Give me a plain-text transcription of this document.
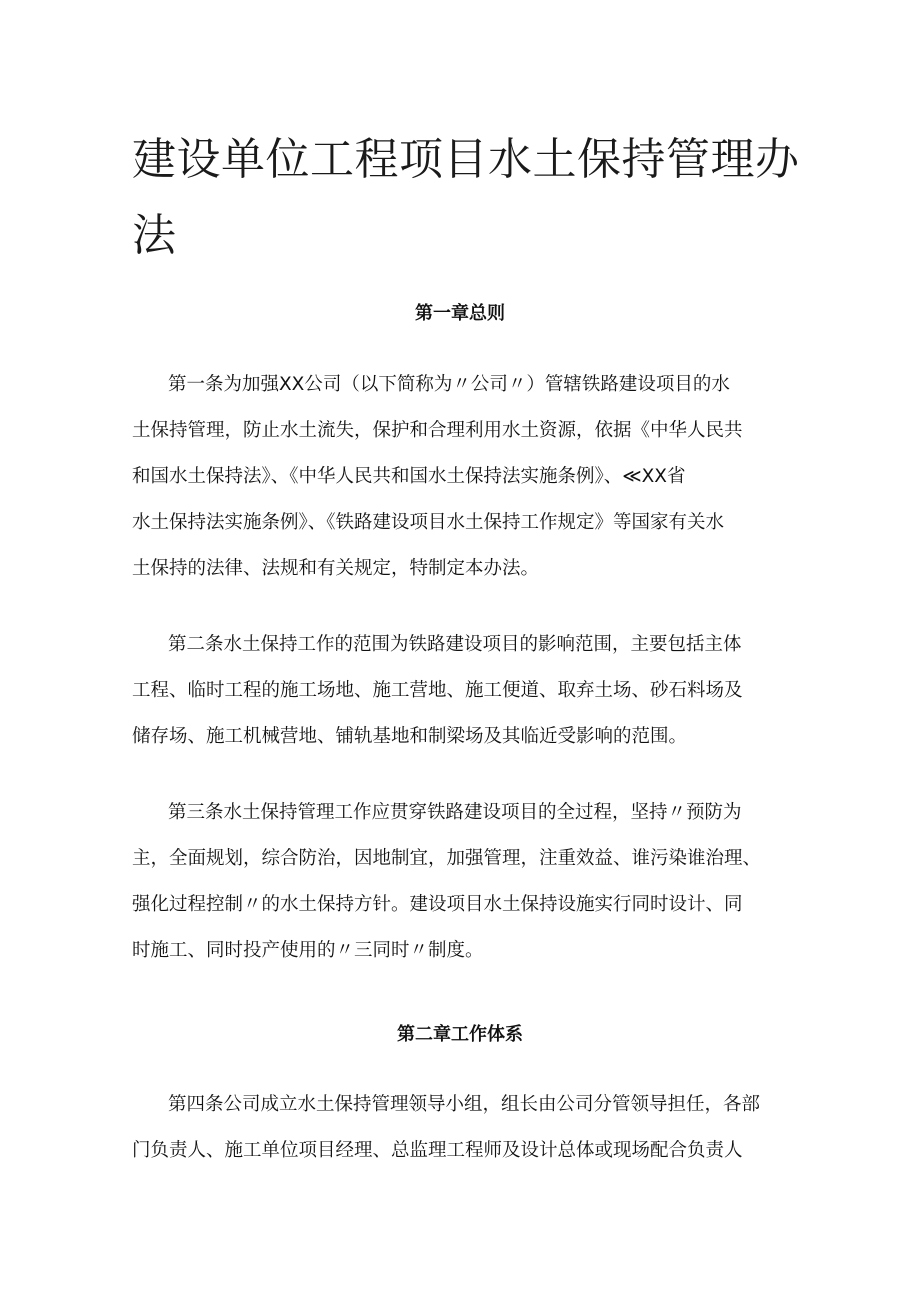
建设单位工程项目水土保持管理办
法
第一章总则

第一条为加强XX公司（以下简称为〃公司〃）管辖铁路建设项目的水
土保持管理，防止水土流失，保护和合理利用水土资源，依据《中华人民共
和国水土保持法》、《中华人民共和国水土保持法实施条例》、≪XX省
水土保持法实施条例》、《铁路建设项目水土保持工作规定》等国家有关水
土保持的法律、法规和有关规定，特制定本办法。

第二条水土保持工作的范围为铁路建设项目的影响范围，主要包括主体
工程、临时工程的施工场地、施工营地、施工便道、取弃土场、砂石料场及
储存场、施工机械营地、铺轨基地和制梁场及其临近受影响的范围。

第三条水土保持管理工作应贯穿铁路建设项目的全过程，坚持〃预防为
主，全面规划，综合防治，因地制宜，加强管理，注重效益、谁污染谁治理、
强化过程控制〃的水土保持方针。建设项目水土保持设施实行同时设计、同
时施工、同时投产使用的〃三同时〃制度。

第二章工作体系

第四条公司成立水土保持管理领导小组，组长由公司分管领导担任，各部
门负责人、施工单位项目经理、总监理工程师及设计总体或现场配合负责人
